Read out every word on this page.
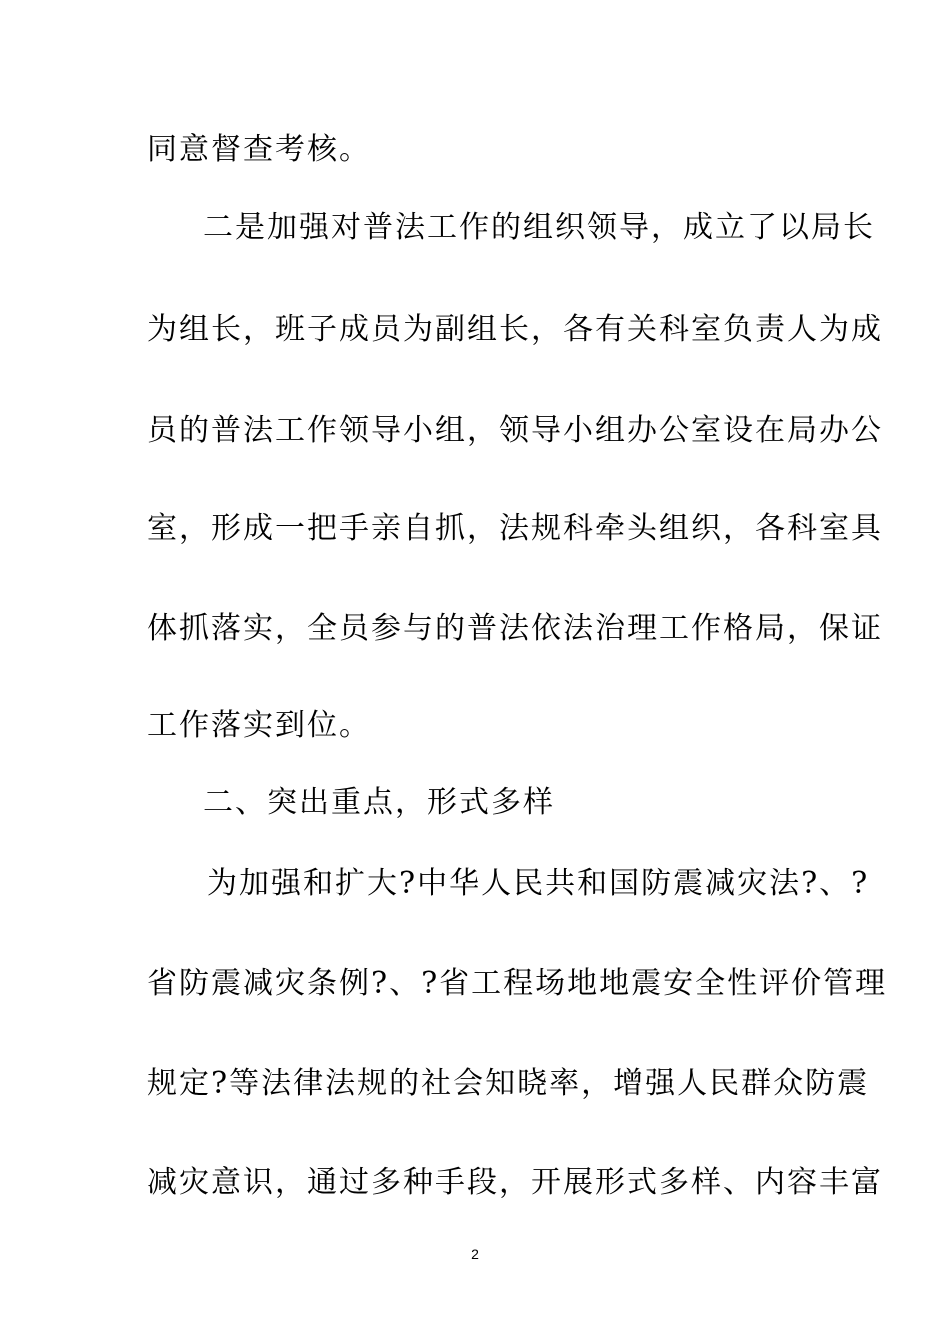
同意督查考核。

二是加强对普法工作的组织领导，成立了以局长

为组长，班子成员为副组长，各有关科室负责人为成

员的普法工作领导小组，领导小组办公室设在局办公

室，形成一把手亲自抓，法规科牵头组织，各科室具

体抓落实，全员参与的普法依法治理工作格局，保证

工作落实到位。

二、突出重点，形式多样

为加强和扩大?中华人民共和国防震减灾法?、?

省防震减灾条例?、?省工程场地地震安全性评价管理

规定?等法律法规的社会知晓率，增强人民群众防震

减灾意识，通过多种手段，开展形式多样、内容丰富

2
